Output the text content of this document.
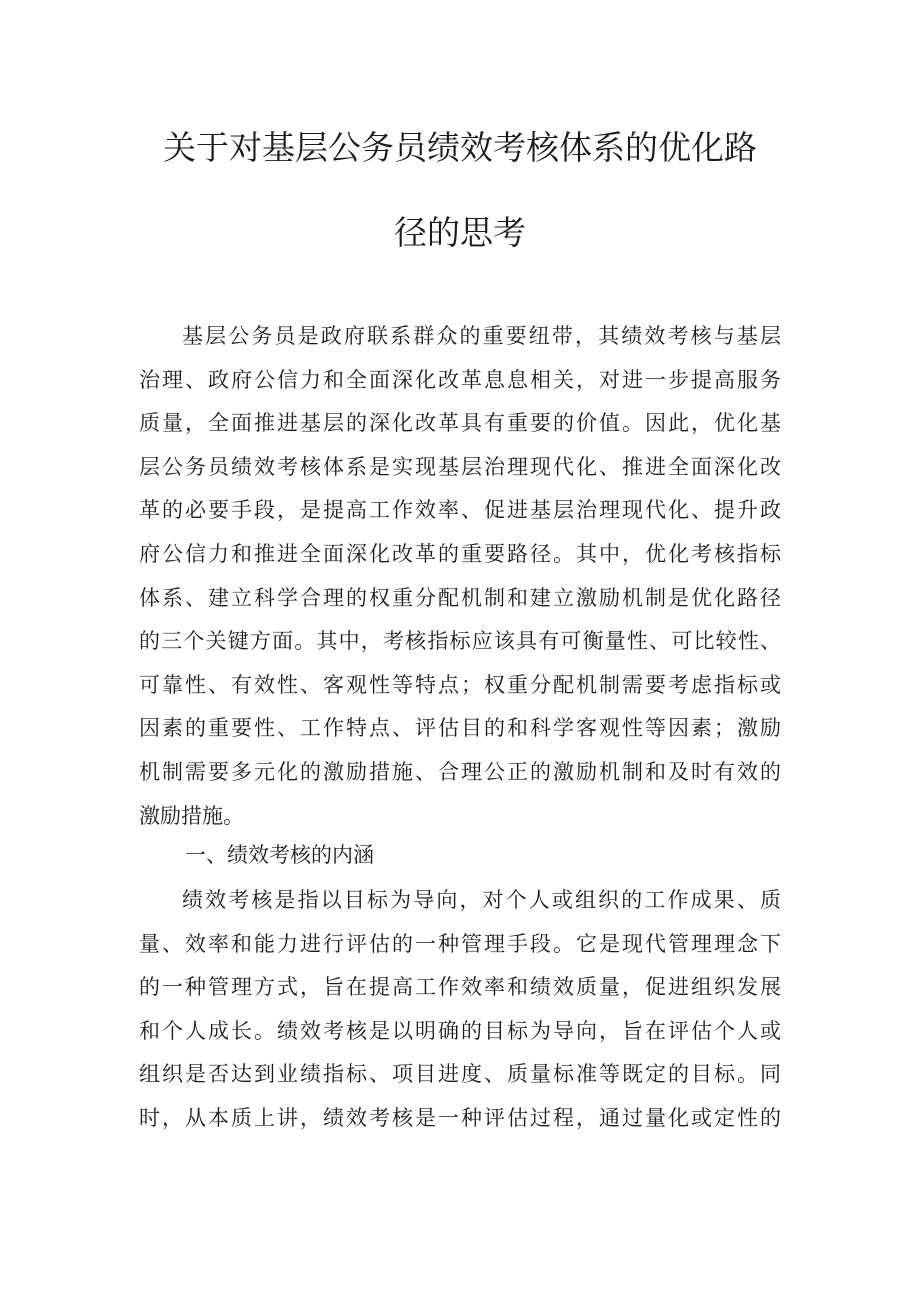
关于对基层公务员绩效考核体系的优化路
径的思考
基层公务员是政府联系群众的重要纽带，其绩效考核与基层
治理、政府公信力和全面深化改革息息相关，对进一步提高服务
质量，全面推进基层的深化改革具有重要的价值。因此，优化基
层公务员绩效考核体系是实现基层治理现代化、推进全面深化改
革的必要手段，是提高工作效率、促进基层治理现代化、提升政
府公信力和推进全面深化改革的重要路径。其中，优化考核指标
体系、建立科学合理的权重分配机制和建立激励机制是优化路径
的三个关键方面。其中，考核指标应该具有可衡量性、可比较性、
可靠性、有效性、客观性等特点；权重分配机制需要考虑指标或
因素的重要性、工作特点、评估目的和科学客观性等因素；激励
机制需要多元化的激励措施、合理公正的激励机制和及时有效的
激励措施。
一、绩效考核的内涵
绩效考核是指以目标为导向，对个人或组织的工作成果、质
量、效率和能力进行评估的一种管理手段。它是现代管理理念下
的一种管理方式，旨在提高工作效率和绩效质量，促进组织发展
和个人成长。绩效考核是以明确的目标为导向，旨在评估个人或
组织是否达到业绩指标、项目进度、质量标准等既定的目标。同
时，从本质上讲，绩效考核是一种评估过程，通过量化或定性的
